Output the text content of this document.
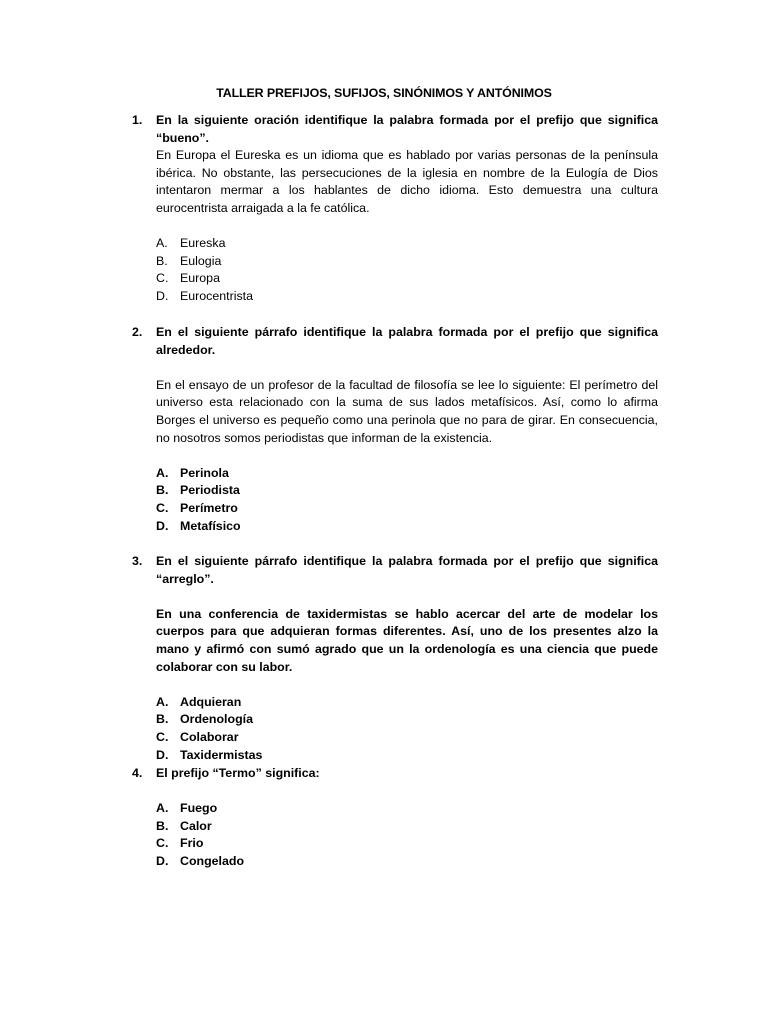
TALLER PREFIJOS, SUFIJOS, SINÓNIMOS Y ANTÓNIMOS
1. En la siguiente oración identifique la palabra formada por el prefijo que significa “bueno”.

En Europa el Eureska es un idioma que es hablado por varias personas de la península ibérica. No obstante, las persecuciones de la iglesia en nombre de la Eulogía de Dios intentaron mermar a los hablantes de dicho idioma. Esto demuestra una cultura eurocentrista arraigada a la fe católica.

A. Eureska
B. Eulogia
C. Europa
D. Eurocentrista
2. En el siguiente párrafo identifique la palabra formada por el prefijo que significa alrededor.

En el ensayo de un profesor de la facultad de filosofía se lee lo siguiente: El perímetro del universo esta relacionado con la suma de sus lados metafísicos. Así, como lo afirma Borges el universo es pequeño como una perinola que no para de girar. En consecuencia, no nosotros somos periodistas que informan de la existencia.

A. Perinola
B. Periodista
C. Perímetro
D. Metafísico
3. En el siguiente párrafo identifique la palabra formada por el prefijo que significa “arreglo”.

En una conferencia de taxidermistas se hablo acercar del arte de modelar los cuerpos para que adquieran formas diferentes. Así, uno de los presentes alzo la mano y afirmó con sumó agrado que un la ordenología es una ciencia que puede colaborar con su labor.

A. Adquieran
B. Ordenología
C. Colaborar
D. Taxidermistas
4. El prefijo “Termo” significa:
A. Fuego
B. Calor
C. Frio
D. Congelado
